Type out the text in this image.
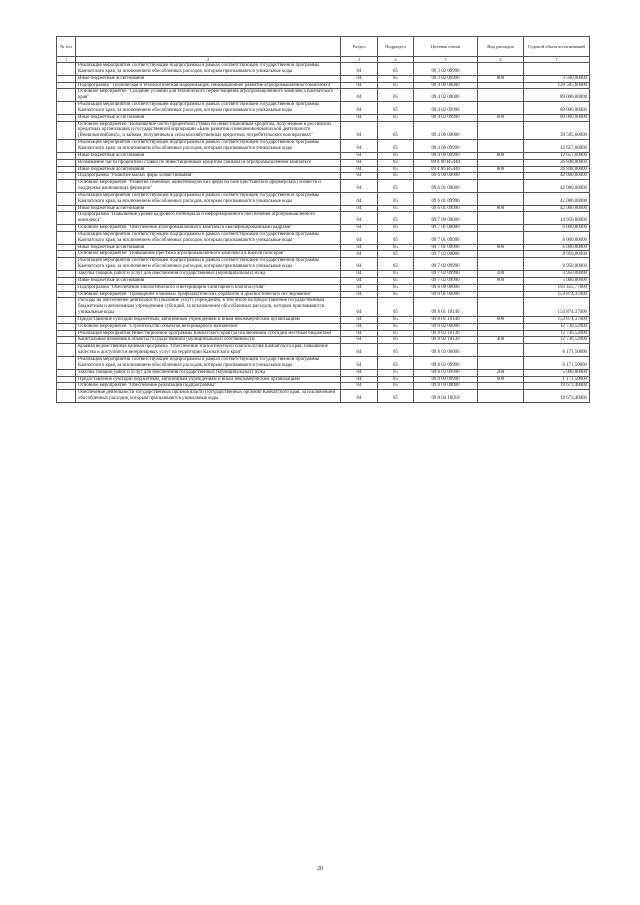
№ п/п		Раздел	Подраздел	Целевая статья	Вид расходов	Годовой объем ассигнований
1	2	3	4	5	6	7
	Реализация мероприятий соответствующей подпрограммы в рамках соответствующей государственной программы Камчатского края, за исключением обособленных расходов, которым присваиваются уникальные коды	04	05	09 3 02 09990		
	Иные бюджетные ассигнования	04	05	09 3 02 09990	800	3 500,00000
	Подпрограмма "Техническая и технологическая модернизация, инновационное развитие агропромышленного комплекса"	04	05	09 4 00 00000		128 505,60000
	Основное мероприятие "Создание условий для технического переоснащения агропромышленного комплекса Камчатского края"	04	05	09 4 02 00000		89 000,00000
	Реализация мероприятий соответствующей подпрограммы в рамках соответствующей государственной программы Камчатского края, за исключением обособленных расходов, которым присваиваются уникальные коды	04	05	09 4 02 09990		89 000,00000
	Иные бюджетные ассигнования	04	05	09 4 02 09990	800	89 000,00000
	Основное мероприятие "Возмещение части процентной ставки по инвестиционным кредитам, полученным в российских кредитных организациях и государственной корпорации «Банк развития и внешнеэкономической деятельности (Внешэкономбанк)», и займам, полученным в сельскохозяйственных кредитных потребительских кооперативах"	04	05	09 4 06 00000		39 505,60000
	Реализация мероприятий соответствующей подпрограммы в рамках соответствующей государственной программы Камчатского края, за исключением обособленных расходов, которым присваиваются уникальные коды	04	05	09 4 06 09990		12 657,60000
	Иные бюджетные ассигнования	04	05	09 4 06 09990	800	12 657,60000
	Возмещение части процентной ставки по инвестиционным кредитам (займам) в агропромышленном комплексе	04	05	09 4 06 R5440		26 848,00000
	Иные бюджетные ассигнования	04	05	09 4 06 R5440	800	26 848,00000
	Подпрограмма "Развитие малых форм хозяйствования"	04	05	09 6 00 00000		42 000,00000
	Основное мероприятие "Развитие семейных животноводческих ферм на базе крестьянских (фермерских) хозяйств и поддержка начинающих фермеров"	04	05	09 6 01 00000		42 000,00000
	Реализация мероприятий соответствующей подпрограммы в рамках соответствующей государственной программы Камчатского края, за исключением обособленных расходов, которым присваиваются уникальные коды	04	05	09 6 01 09990		42 000,00000
	Иные бюджетные ассигнования	04	05	09 6 01 09990	800	42 000,00000
	Подпрограмма "Повышение уровня кадрового потенциала и информационного обеспечения агропромышленного комплекса"	04	05	09 7 00 00000		14 950,00000
	Основное мероприятие "Обеспечение агропромышленного комплекса квалифицированными кадрами"	04	05	09 7 01 00000		6 000,00000
	Реализация мероприятий соответствующей подпрограммы в рамках соответствующей государственной программы Камчатского края, за исключением обособленных расходов, которым присваиваются уникальные коды	04	05	09 7 01 09990		6 000,00000
	Иные бюджетные ассигнования	04	05	09 7 01 09990	800	6 000,00000
	Основное мероприятие "Повышение престижа агропромышленного комплекса в Камчатском крае"	04	05	09 7 02 00000		8 950,00000
	Реализация мероприятий соответствующей подпрограммы в рамках соответствующей государственной программы Камчатского края, за исключением обособленных расходов, которым присваиваются уникальные коды	04	05	09 7 02 09990		8 950,00000
	Закупка товаров, работ и услуг для обеспечения государственных (муниципальных) нужд	04	05	09 7 02 09990	200	3 950,00000
	Иные бюджетные ассигнования	04	05	09 7 02 09990	800	5 000,00000
	Подпрограмма "Обеспечение эпизоотического и ветеринарно-санитарного благополучия"	04	05	09 8 00 00000		193 455,77000
	Основное мероприятие "Проведение плановых профилактических обработок и диагностических исследований"	04	05	09 8 01 00000		154 874,37000
	Расходы на обеспечение деятельности (оказание услуг) учреждений, в том числе на предоставление государственным бюджетным и автономным учреждениям субсидий, за исключением обособленных расходов, которым присваиваются уникальные коды	04	05	09 8 01 10140		154 874,37000
	Предоставление субсидий бюджетным, автономным учреждениям и иным некоммерческим организациям	04	05	09 8 01 10140	600	154 874,37000
	Основное мероприятие "Строительство объектов ветеринарного назначения"	04	05	09 8 02 00000		12 736,52000
	Реализация мероприятий Инвестиционной программы Камчатского края (за исключением субсидий местным бюджетам)	04	05	09 8 02 10130		12 736,52000
	Капитальные вложения в объекты государственной (муниципальной) собственности	04	05	09 8 02 10130	400	12 736,52000
	Краевая ведомственная целевая программа "Обеспечение эпизоотического благополучия Камчатского края, повышение качества и доступности ветеринарных услуг на территории Камчатского края"	04	05	09 8 03 00000		6 171,50000
	Реализация мероприятий соответствующей подпрограммы в рамках соответствующей государственной программы Камчатского края, за исключением обособленных расходов, которым присваиваются уникальные коды	04	05	09 8 03 09990		6 171,50000
	Закупка товаров, работ и услуг для обеспечения государственных (муниципальных) нужд	04	05	09 8 03 09990	200	5 000,00000
	Предоставление субсидий бюджетным, автономным учреждениям и иным некоммерческим организациям	04	05	09 8 03 09990	600	1 171,50000
	Основное мероприятие "Обеспечение реализации подпрограммы"	04	05	09 8 04 00000		19 673,40000
	Обеспечение деятельности государственных органов власти (государственных органов) Камчатского края, за исключением обособленных расходов, которым присваиваются уникальные коды	04	05	09 8 04 10010		19 673,40000
20
